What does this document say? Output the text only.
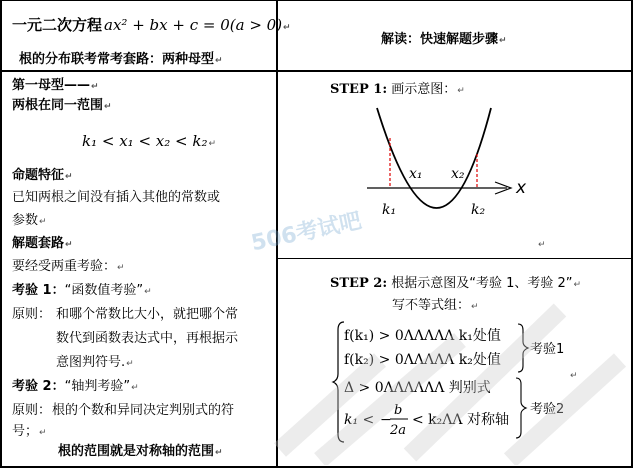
一元二次方程 ax² + bx + c = 0(a > 0)↵
根的分布联考常考套路：两种母型↵
解读：快速解题步骤↵
第一母型——↵
两根在同一范围↵
k₁ < x₁ < x₂ < k₂↵
命题特征↵
已知两根之间没有插入其他的常数或
参数↵
解题套路↵
要经受两重考验：↵
考验 1：“函数值考验”↵
原则： 和哪个常数比大小，就把哪个常
数代到函数表达式中，再根据示
意图判符号.↵
考验 2：“轴判考验”↵
原则： 根的个数和异同决定判别式的符
号；↵
根的范围就是对称轴的范围↵
STEP 1: 画示意图：↵
x₁ x₂
x
k₁	k₂
↵
STEP 2: 根据示意图及“考验 1、考验 2”↵
写不等式组：↵
f(k₁) > 0ΛΛΛΛΛ k₁处值
f(k₂) > 0ΛΛΛΛΛ k₂处值
Δ > 0ΛΛΛΛΛΛ 判别式
k₁ < −
b
2a
< k₂ΛΛ 对称轴
考验1
考验2
↵
506考试吧
